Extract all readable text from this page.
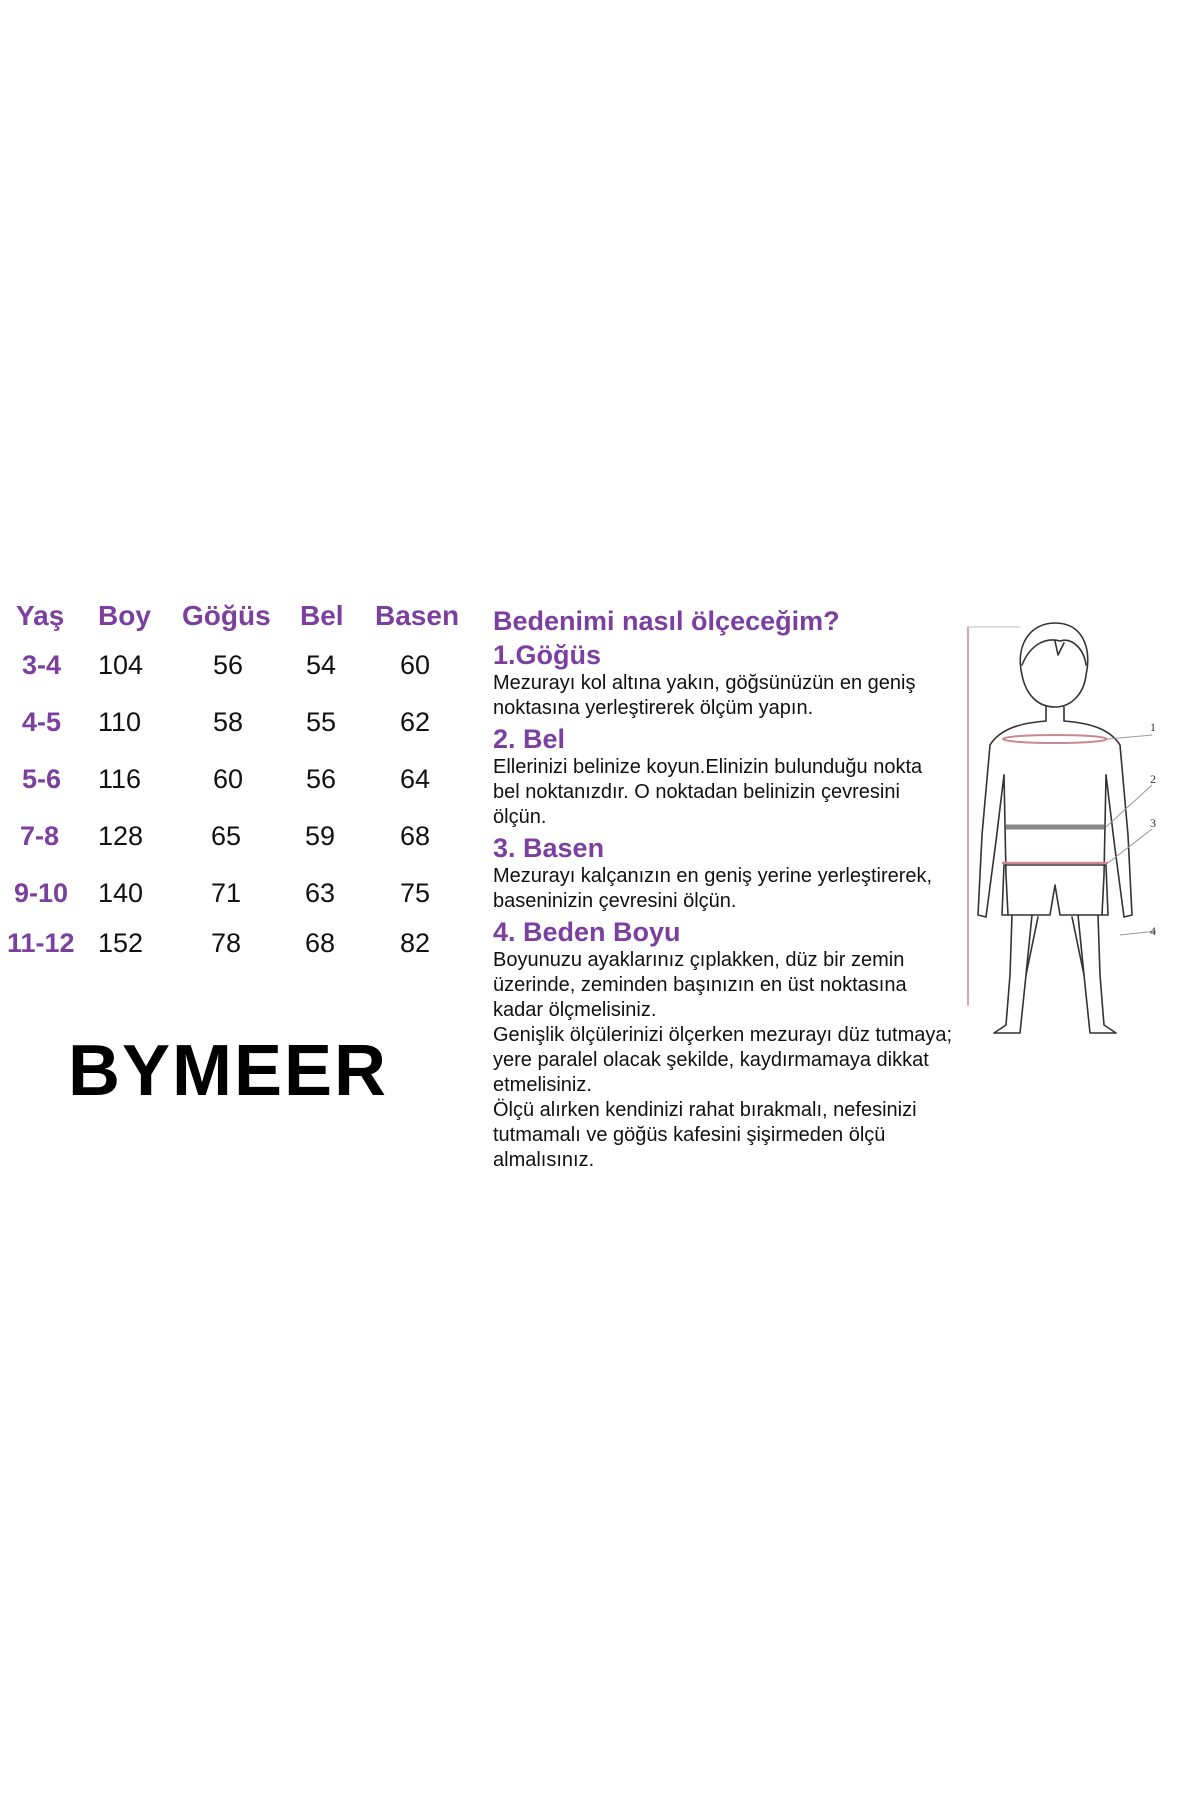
Yaş Boy Göğüs Bel Basen
3-4 104	56 54 60
4-5 110	58 55 62
5-6 116	60 56 64
7-8 128	65 59 68
9-10 140	71 63 75
11-12 152	78 68 82
BYMEER
Bedenimi nasıl ölçeceğim?
1.Göğüs
Mezurayı kol altına yakın, göğsünüzün en geniş
noktasına yerleştirerek ölçüm yapın.
2. Bel
Ellerinizi belinize koyun.Elinizin bulunduğu nokta
bel noktanızdır. O noktadan belinizin çevresini
ölçün.
3. Basen
Mezurayı kalçanızın en geniş yerine yerleştirerek,
baseninizin çevresini ölçün.
4. Beden Boyu
Boyunuzu ayaklarınız çıplakken, düz bir zemin
üzerinde, zeminden başınızın en üst noktasına
kadar ölçmelisiniz.
Genişlik ölçülerinizi ölçerken mezurayı düz tutmaya;
yere paralel olacak şekilde, kaydırmamaya dikkat
etmelisiniz.
Ölçü alırken kendinizi rahat bırakmalı, nefesinizi
tutmamalı ve göğüs kafesini şişirmeden ölçü
almalısınız.
1
2
3
4
